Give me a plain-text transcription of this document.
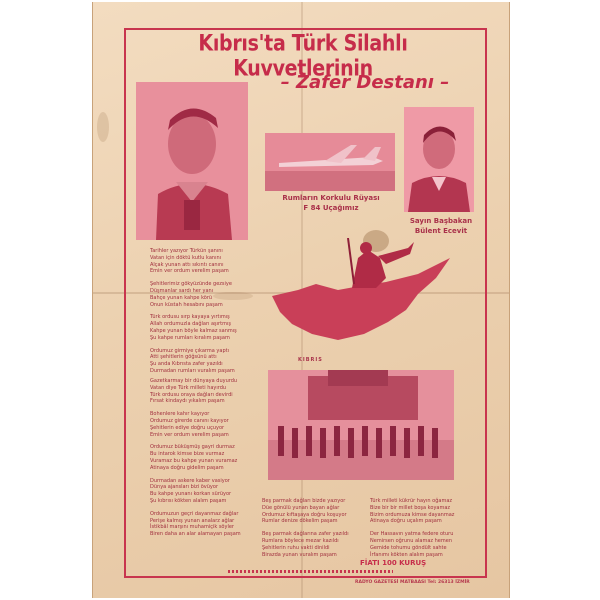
Kıbrıs'ta Türk Silahlı Kuvvetlerinin
– Zafer Destanı –
Rumların Korkulu Rüyası
F 84 Uçağımız
Sayın Başbakan
Bülent Ecevit
KIBRIS
Tarihler yazıyor Türkün şanını
Vatan için döktü kutlu kanını
Alçak yunan attı sıkıntı canını
Emin ver ordum verelim paşam
Şehitlerimiz gökyüzünde gezsiye
Düşmanlar sardı her yanı
Bahçe yunan kahpe körü
Onun küstah hesabını paşam
Türk ordusu sırp kayaya yırtımış
Allah ordumuzla dağları aşırtmış
Kahpe yunan böyle kalmaz sanmış
Şu kahpe rumları kıralım paşam
Ordumuz girmiye çıkarma yaptı
Atti şehitlerin göğsünü attı
Şu anda Kıbrısta zafer yazıldı
Durmadan rumları vuralım paşam
Gazetkarmay bir dünyaya duyurdu
Vatan diye Türk milleti hayırdu
Türk ordusu oraya dağları devirdi
Fırsat kindaydı yıkalım paşam
Bohenlere kahır kayıyor
Ordumuz girerde canını kayıyor
Şehitlerin ediye doğru uçuyor
Emin ver ordum verelim paşam
Ordumuz büküşmüş gayri durmaz
Bu intarok kimse bize vurmaz
Vuramaz bu kahpe yunan vuramaz
Atinaya doğru gidelim paşam
Durmadan askere kaber vasiyor
Dünya ajansları bizi övüyor
Bu kahpe yunanı korkan sürüyor
Şu kıbrısı kökten alalım paşam
Ordumuzun geçri dayanmaz dağlar
Perişe kalmış yunan analarz ağlar
İstikbâl marşını muhamiçik söyler
Biren daha an alar alamayan paşam
Beş parmak dağları bizde yazıyor
Düe gönülü yunan bayan ağlar
Ordumuz kıftaşaya doğru koşuyor
Rumlar denize dökelim paşam
Beş parmak dağlarına zafer yazıldı
Rumlara böylece mezar kazıldı
Şehitlerin ruhu vakti dinildi
Birazda yunan vuralım paşam
Türk milleti kükrür hayın oğamaz
Bize bir bir millet boşa koyamaz
Bizim ordumuza kimse dayanmaz
Atinaya doğru uçalım paşam
Der Hassavın yatma federe oturu
Nemirsen oğrunu alamaz hemen
Gemide tohumu göndült sahte
İrfanımı kökten alalım paşam
FİATI 100 KURUŞ
RADYO GAZETESİ MATBAASI Tel: 26313 İZMİR
